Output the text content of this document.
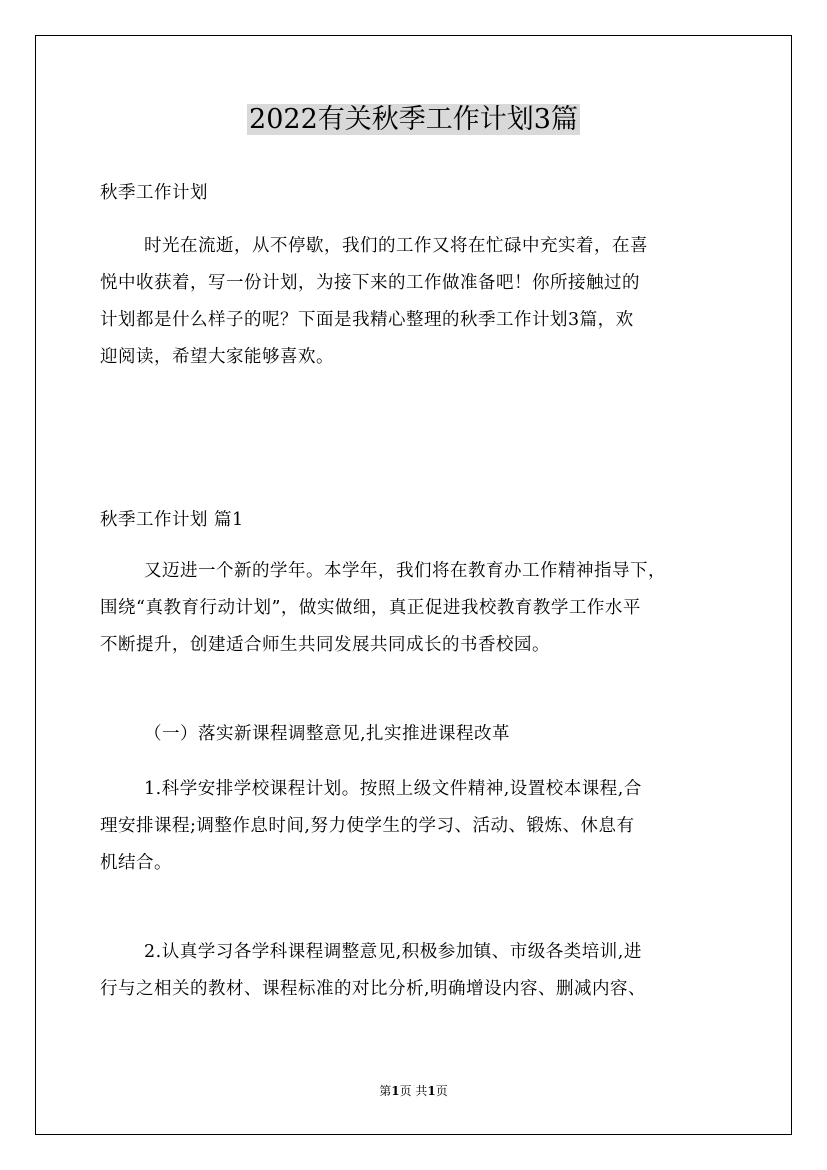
2022有关秋季工作计划3篇
秋季工作计划
时光在流逝，从不停歇，我们的工作又将在忙碌中充实着，在喜
悦中收获着，写一份计划，为接下来的工作做准备吧！你所接触过的
计划都是什么样子的呢？下面是我精心整理的秋季工作计划3篇，欢
迎阅读，希望大家能够喜欢。
秋季工作计划 篇1
又迈进一个新的学年。本学年，我们将在教育办工作精神指导下，
围绕“真教育行动计划”，做实做细，真正促进我校教育教学工作水平
不断提升，创建适合师生共同发展共同成长的书香校园。
（一）落实新课程调整意见,扎实推进课程改革
1.科学安排学校课程计划。按照上级文件精神,设置校本课程,合
理安排课程;调整作息时间,努力使学生的学习、活动、锻炼、休息有
机结合。
2.认真学习各学科课程调整意见,积极参加镇、市级各类培训,进
行与之相关的教材、课程标准的对比分析,明确增设内容、删减内容、
第1页 共1页
